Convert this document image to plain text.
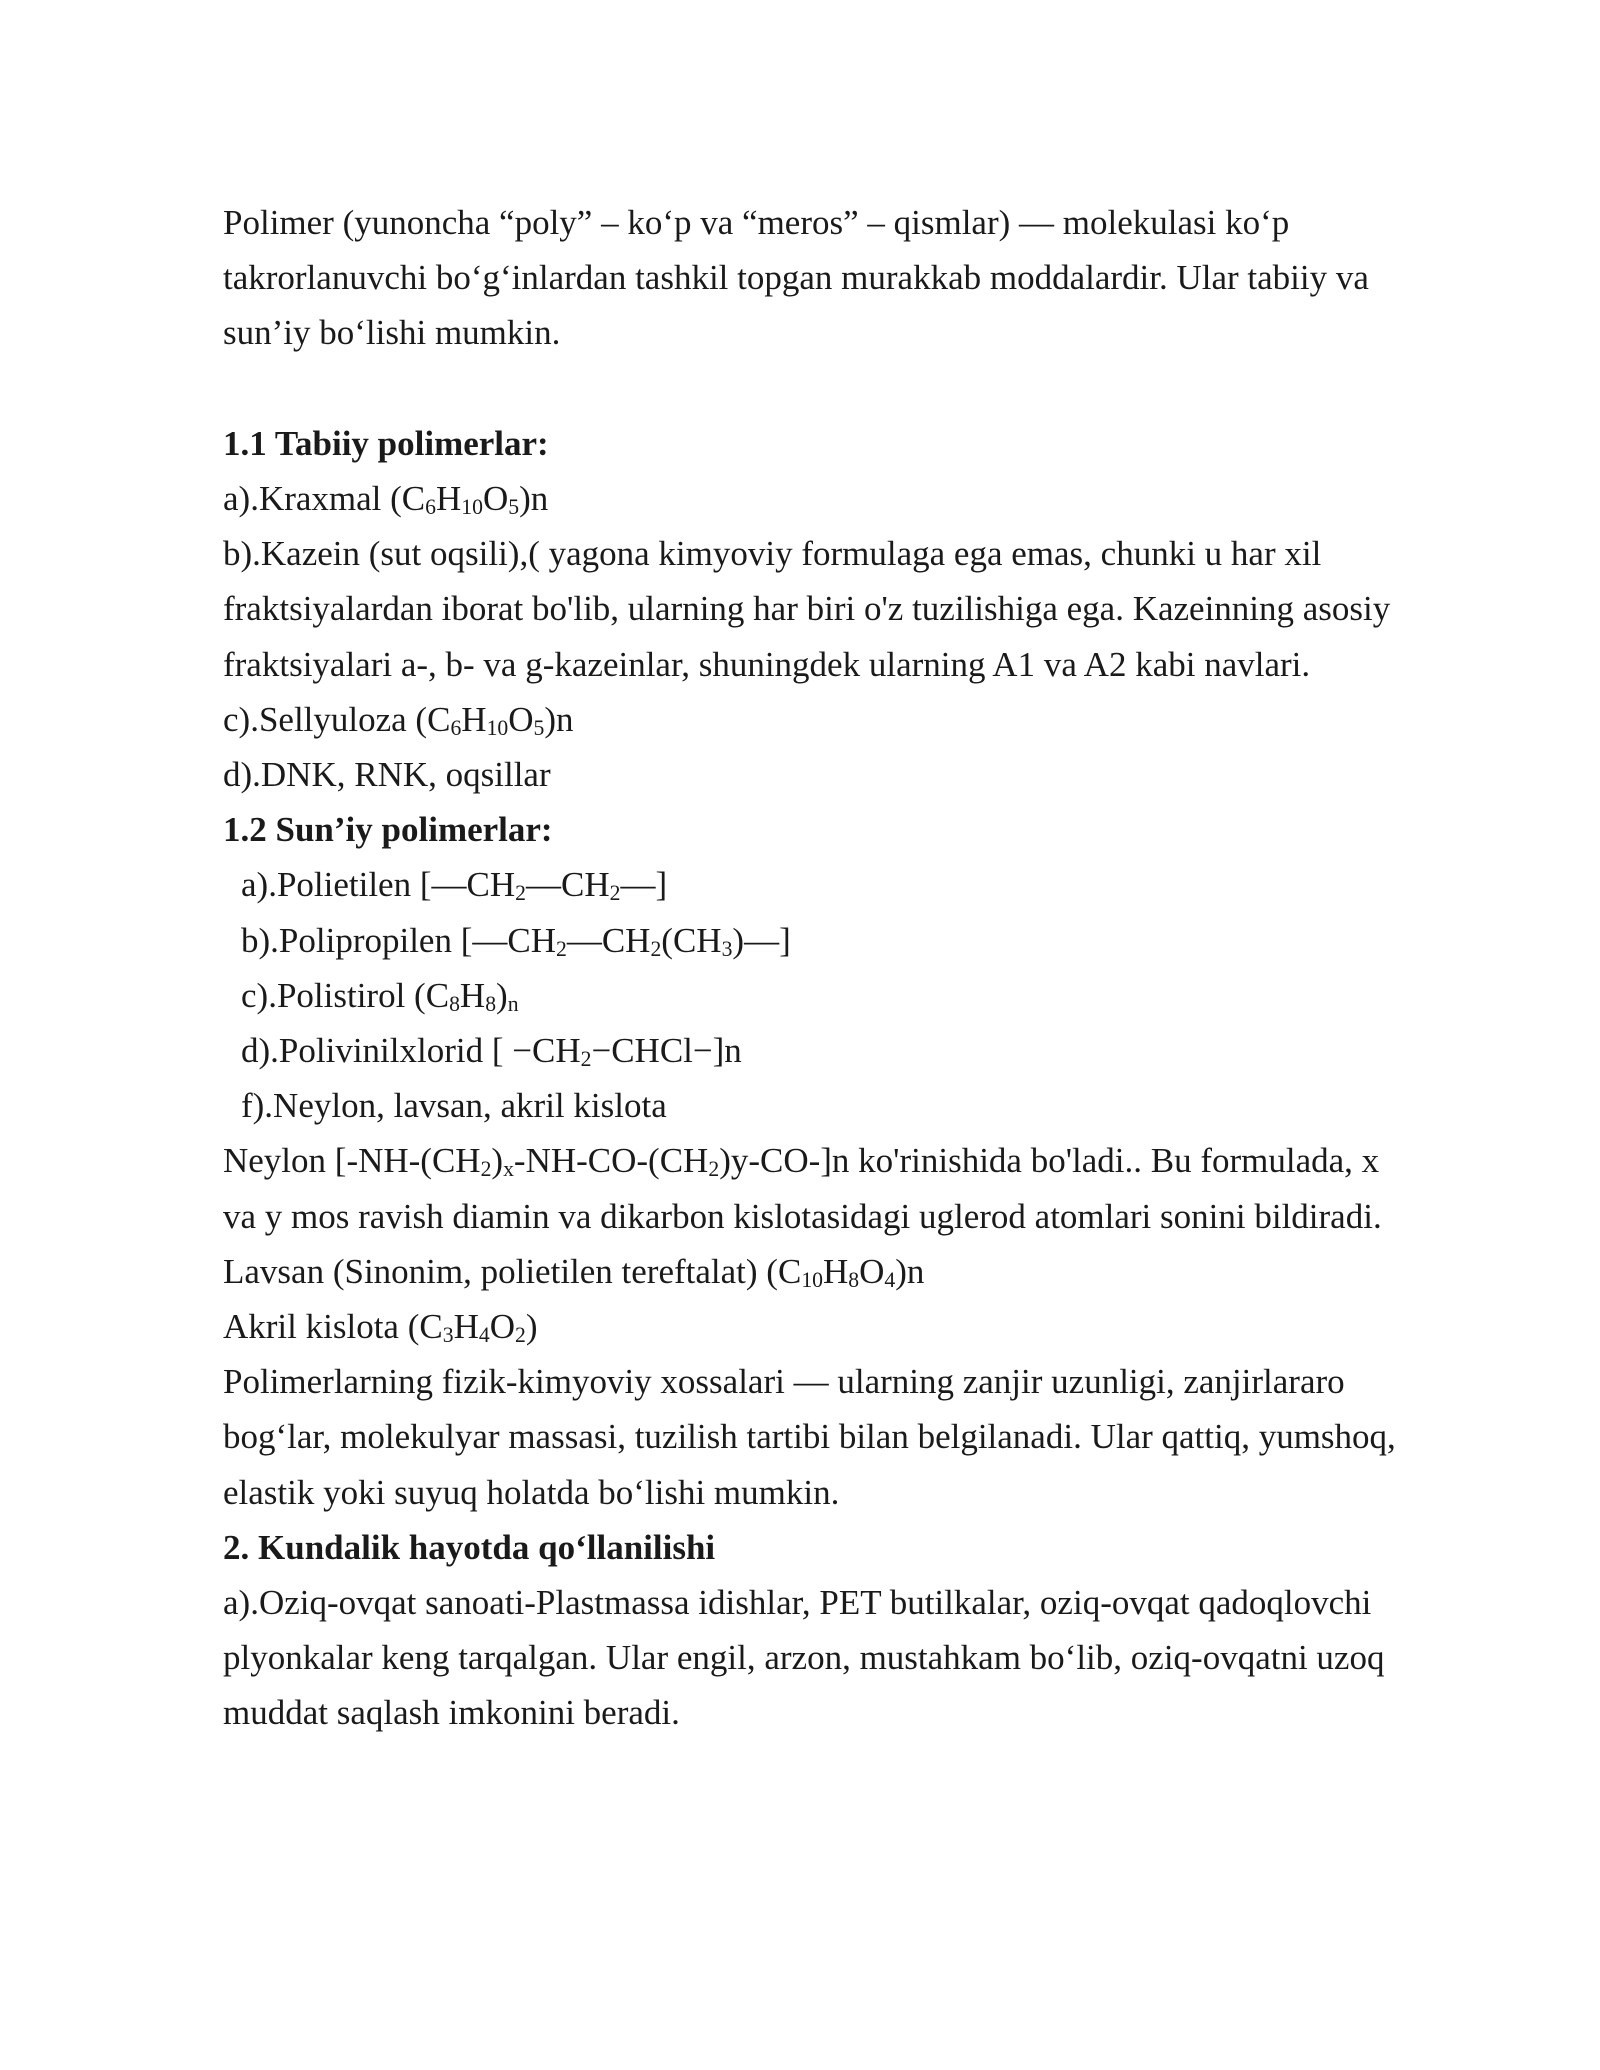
Polimer (yunoncha “poly” – ko‘p va “meros” – qismlar) — molekulasi ko‘p
takrorlanuvchi bo‘g‘inlardan tashkil topgan murakkab moddalardir. Ular tabiiy va
sun’iy bo‘lishi mumkin.
1.1 Tabiiy polimerlar:
a).Kraxmal $(C_6H_{10}O_5)n$
b).Kazein (sut oqsili),( yagona kimyoviy formulaga ega emas, chunki u har xil
fraktsiyalardan iborat bo'lib, ularning har biri o'z tuzilishiga ega. Kazeinning asosiy
fraktsiyalari a-, b- va g-kazeinlar, shuningdek ularning A1 va A2 kabi navlari.
c).Sellyuloza $(C_6H_{10}O_5)n$
d).DNK, RNK, oqsillar
1.2 Sun’iy polimerlar:
a).Polietilen $[—CH_2—CH_2—]$
b).Polipropilen $[—CH_2—CH_2(CH_3)—]$
c).Polistirol $(C_8H_8)_n$
d).Polivinilxlorid [ $-CH_2-CHCl-]n$
f).Neylon, lavsan, akril kislota
Neylon $[-NH-(CH_2)_x-NH-CO-(CH_2)y-CO-]n$ ko'rinishida bo'ladi.. Bu formulada, x
va y mos ravish diamin va dikarbon kislotasidagi uglerod atomlari sonini bildiradi.
Lavsan (Sinonim, polietilen tereftalat) $(C_{10}H_8O_4)n$
Akril kislota $(C_3H_4O_2)$
Polimerlarning fizik-kimyoviy xossalari — ularning zanjir uzunligi, zanjirlararo
bog‘lar, molekulyar massasi, tuzilish tartibi bilan belgilanadi. Ular qattiq, yumshoq,
elastik yoki suyuq holatda bo‘lishi mumkin.
2. Kundalik hayotda qo‘llanilishi
a).Oziq-ovqat sanoati-Plastmassa idishlar, PET butilkalar, oziq-ovqat qadoqlovchi
plyonkalar keng tarqalgan. Ular engil, arzon, mustahkam bo‘lib, oziq-ovqatni uzoq
muddat saqlash imkonini beradi.
